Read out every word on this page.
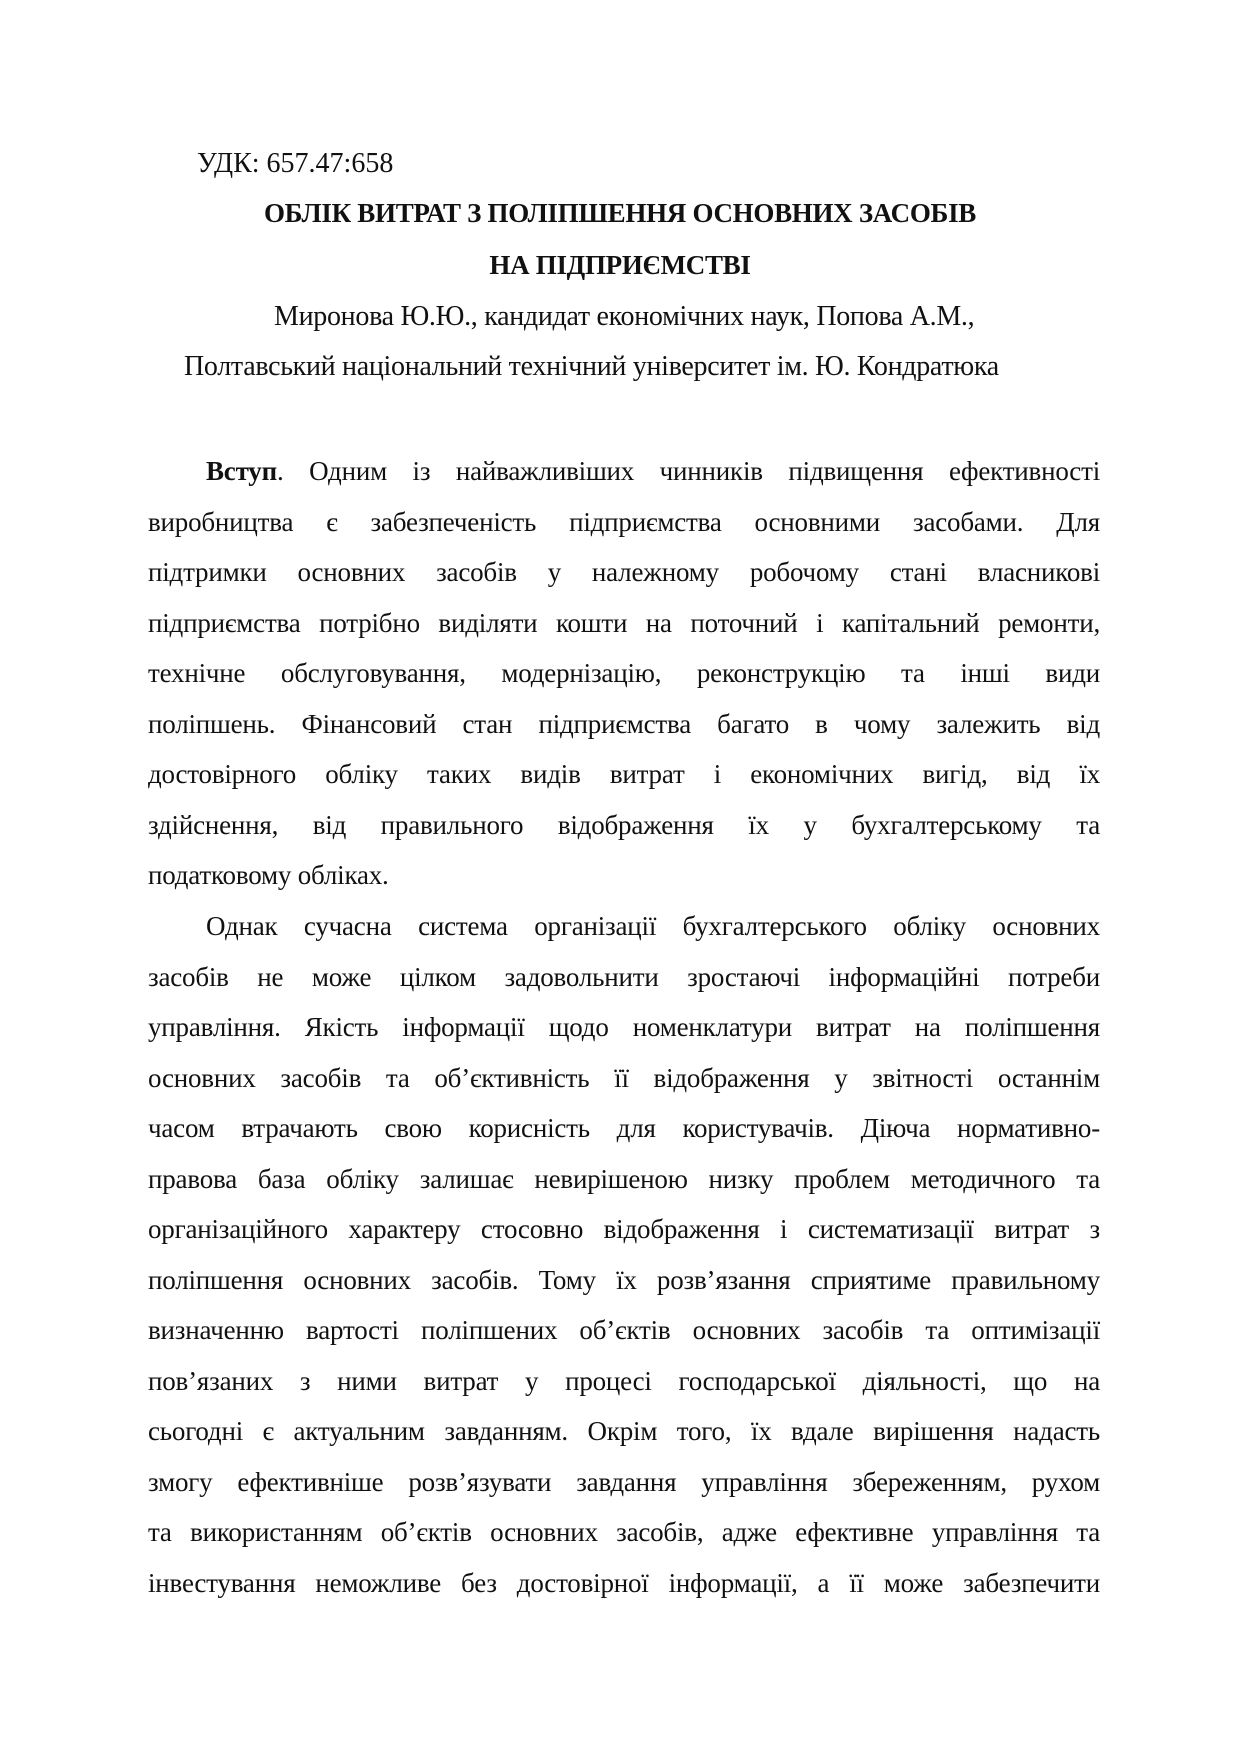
УДК: 657.47:658
ОБЛІК ВИТРАТ З ПОЛІПШЕННЯ ОСНОВНИХ ЗАСОБІВ
НА ПІДПРИЄМСТВІ
Миронова Ю.Ю., кандидат економічних наук, Попова А.М.,
Полтавський національний технічний університет ім. Ю. Кондратюка
Вступ. Одним із найважливіших чинників підвищення ефективності
виробництва є забезпеченість підприємства основними засобами. Для
підтримки основних засобів у належному робочому стані власникові
підприємства потрібно виділяти кошти на поточний і капітальний ремонти,
технічне обслуговування, модернізацію, реконструкцію та інші види
поліпшень. Фінансовий стан підприємства багато в чому залежить від
достовірного обліку таких видів витрат і економічних вигід, від їх
здійснення, від правильного відображення їх у бухгалтерському та
податковому обліках.
Однак сучасна система організації бухгалтерського обліку основних
засобів не може цілком задовольнити зростаючі інформаційні потреби
управління. Якість інформації щодо номенклатури витрат на поліпшення
основних засобів та об’єктивність її відображення у звітності останнім
часом втрачають свою корисність для користувачів. Діюча нормативно-
правова база обліку залишає невирішеною низку проблем методичного та
організаційного характеру стосовно відображення і систематизації витрат з
поліпшення основних засобів. Тому їх розв’язання сприятиме правильному
визначенню вартості поліпшених об’єктів основних засобів та оптимізації
пов’язаних з ними витрат у процесі господарської діяльності, що на
сьогодні є актуальним завданням. Окрім того, їх вдале вирішення надасть
змогу ефективніше розв’язувати завдання управління збереженням, рухом
та використанням об’єктів основних засобів, адже ефективне управління та
інвестування неможливе без достовірної інформації, а її може забезпечити
